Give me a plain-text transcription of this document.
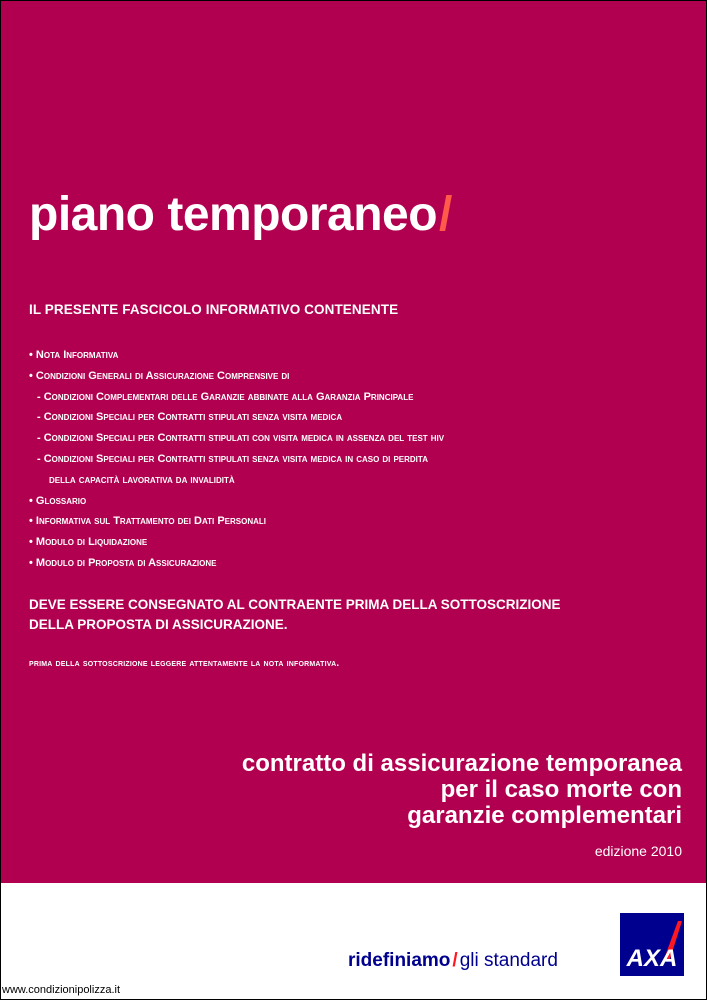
piano temporaneo/

IL PRESENTE FASCICOLO INFORMATIVO CONTENENTE

• Nota Informativa
• Condizioni Generali di Assicurazione Comprensive di
- Condizioni Complementari delle Garanzie abbinate alla Garanzia Principale
- Condizioni Speciali per Contratti stipulati senza visita medica
- Condizioni Speciali per Contratti stipulati con visita medica in assenza del test hiv
- Condizioni Speciali per Contratti stipulati senza visita medica in caso di perdita
della capacità lavorativa da invalidità
• Glossario
• Informativa sul Trattamento dei Dati Personali
• Modulo di Liquidazione
• Modulo di Proposta di Assicurazione

DEVE ESSERE CONSEGNATO AL CONTRAENTE PRIMA DELLA SOTTOSCRIZIONE
DELLA PROPOSTA DI ASSICURAZIONE.

prima della sottoscrizione leggere attentamente la nota informativa.

contratto di assicurazione temporanea
per il caso morte con
garanzie complementari

edizione 2010

ridefiniamo / gli standard	AXA

www.condizionipolizza.it
